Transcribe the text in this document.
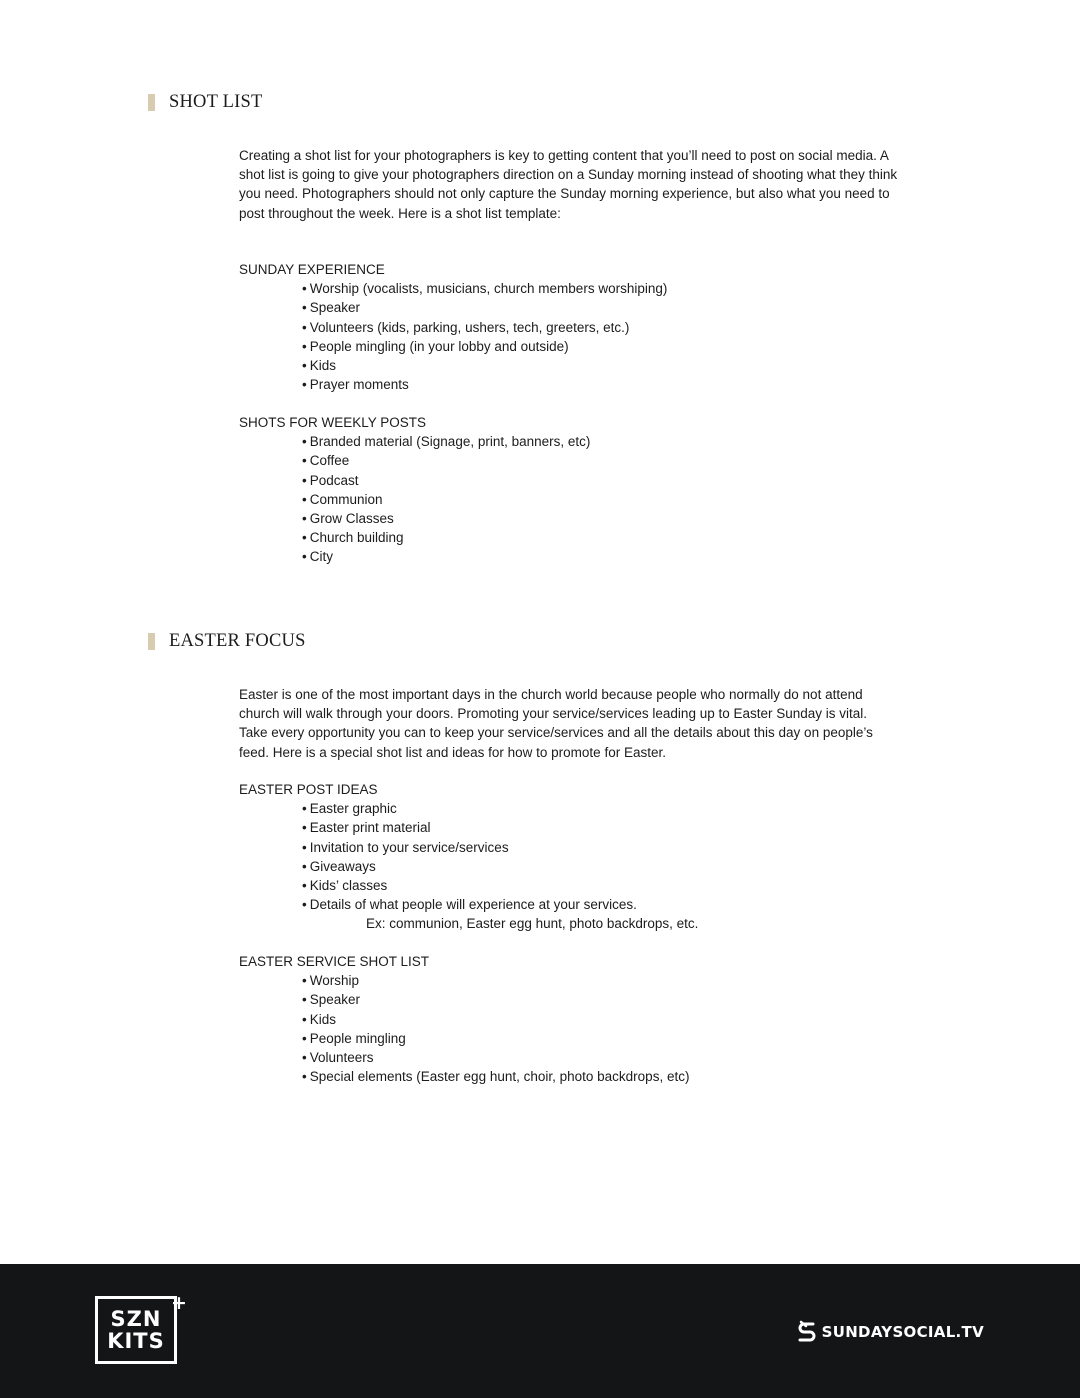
SHOT LIST

Creating a shot list for your photographers is key to getting content that you’ll need to post on social media. A shot list is going to give your photographers direction on a Sunday morning instead of shooting what they think you need. Photographers should not only capture the Sunday morning experience, but also what you need to post throughout the week. Here is a shot list template:

SUNDAY EXPERIENCE

• Worship (vocalists, musicians, church members worshiping)
• Speaker
• Volunteers (kids, parking, ushers, tech, greeters, etc.)
• People mingling (in your lobby and outside)
• Kids
• Prayer moments

SHOTS FOR WEEKLY POSTS

• Branded material (Signage, print, banners, etc)
• Coffee
• Podcast
• Communion
• Grow Classes
• Church building
• City
EASTER FOCUS

Easter is one of the most important days in the church world because people who normally do not attend church will walk through your doors. Promoting your service/services leading up to Easter Sunday is vital. Take every opportunity you can to keep your service/services and all the details about this day on people’s feed. Here is a special shot list and ideas for how to promote for Easter.

EASTER POST IDEAS

• Easter graphic
• Easter print material
• Invitation to your service/services
• Giveaways
• Kids’ classes
• Details of what people will experience at your services.
Ex: communion, Easter egg hunt, photo backdrops, etc.

EASTER SERVICE SHOT LIST

• Worship
• Speaker
• Kids
• People mingling
• Volunteers
• Special elements (Easter egg hunt, choir, photo backdrops, etc)
SZN
KITS
+
SUNDAYSOCIAL.TV
